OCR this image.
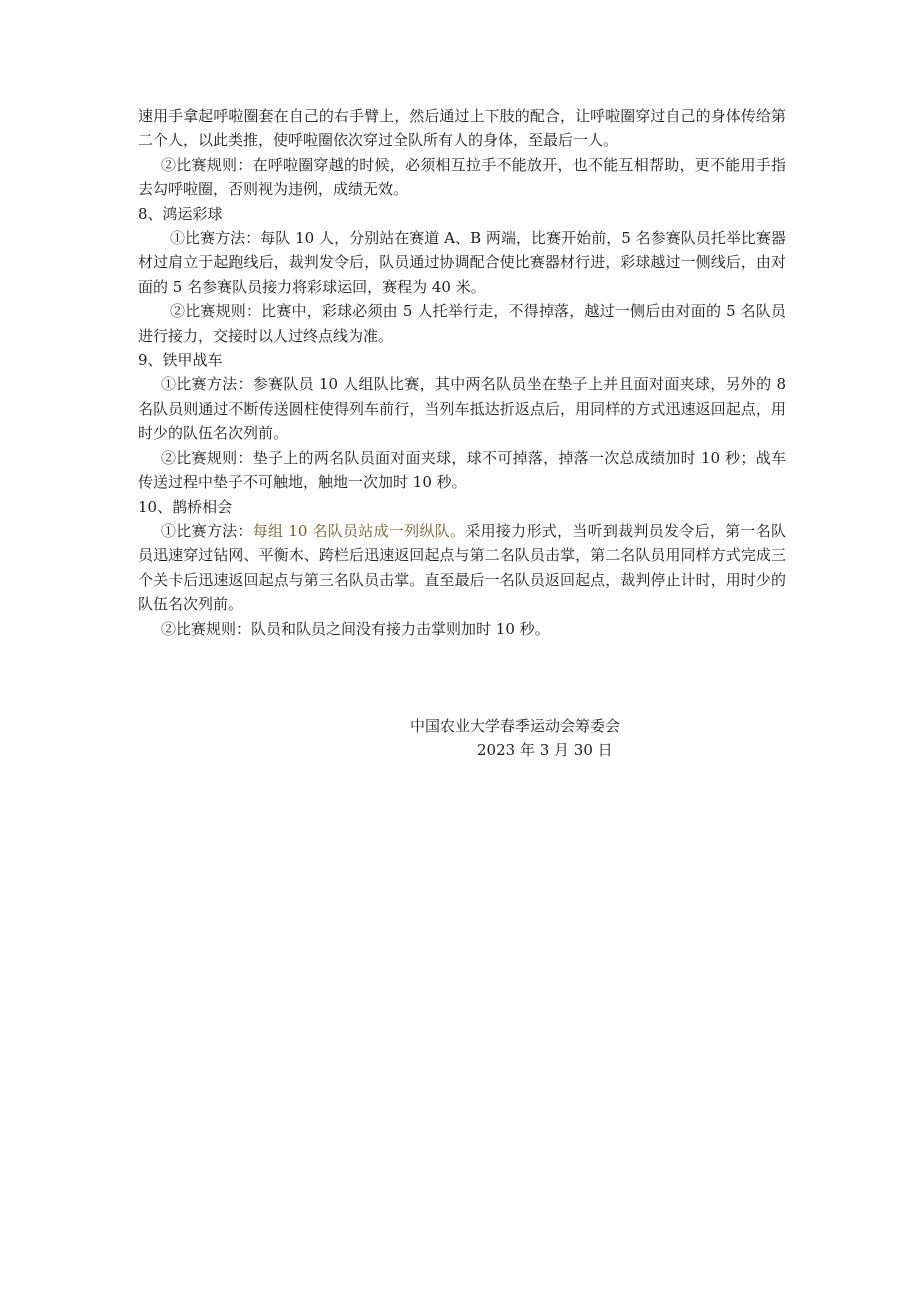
速用手拿起呼啦圈套在自己的右手臂上，然后通过上下肢的配合，让呼啦圈穿过自己的身体传给第二个人，以此类推，使呼啦圈依次穿过全队所有人的身体，至最后一人。

②比赛规则：在呼啦圈穿越的时候，必须相互拉手不能放开，也不能互相帮助，更不能用手指去勾呼啦圈，否则视为违例，成绩无效。

8、鸿运彩球

①比赛方法：每队 10 人，分别站在赛道 A、B 两端，比赛开始前，5 名参赛队员托举比赛器材过肩立于起跑线后，裁判发令后，队员通过协调配合使比赛器材行进，彩球越过一侧线后，由对面的 5 名参赛队员接力将彩球运回，赛程为 40 米。

②比赛规则：比赛中，彩球必须由 5 人托举行走，不得掉落，越过一侧后由对面的 5 名队员进行接力，交接时以人过终点线为准。

9、铁甲战车

①比赛方法：参赛队员 10 人组队比赛，其中两名队员坐在垫子上并且面对面夹球，另外的 8 名队员则通过不断传送圆柱使得列车前行，当列车抵达折返点后，用同样的方式迅速返回起点，用时少的队伍名次列前。

②比赛规则：垫子上的两名队员面对面夹球，球不可掉落，掉落一次总成绩加时 10 秒；战车传送过程中垫子不可触地，触地一次加时 10 秒。

10、鹊桥相会

①比赛方法：每组 10 名队员站成一列纵队。采用接力形式，当听到裁判员发令后，第一名队员迅速穿过钻网、平衡木、跨栏后迅速返回起点与第二名队员击掌，第二名队员用同样方式完成三个关卡后迅速返回起点与第三名队员击掌。直至最后一名队员返回起点，裁判停止计时，用时少的队伍名次列前。

②比赛规则：队员和队员之间没有接力击掌则加时 10 秒。

中国农业大学春季运动会筹委会
2023 年 3 月 30 日
